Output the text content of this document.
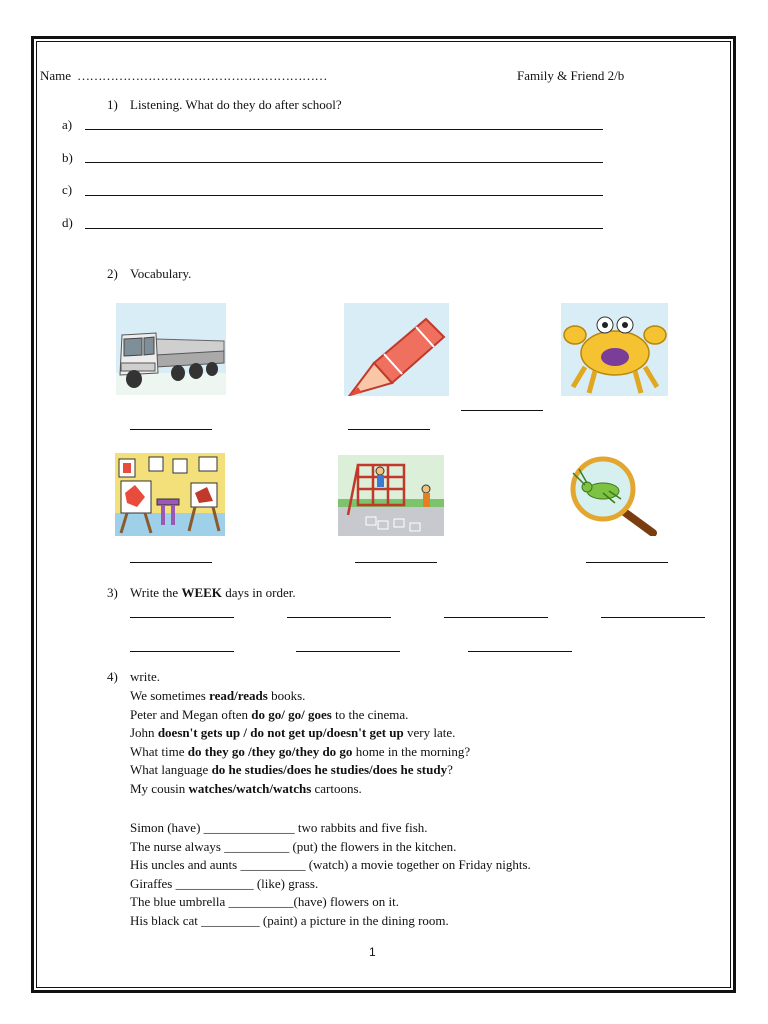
Name ……………………………………………………	Family & Friend 2/b
1) Listening. What do they do after school?
a)
b)
c)
d)
2) Vocabulary.
3) Write the WEEK days in order.
4) write.
We sometimes read/reads books.
Peter and Megan often do go/ go/ goes to the cinema.
John doesn't gets up / do not get up/doesn't get up very late.
What time do they go /they go/they do go home in the morning?
What language do he studies/does he studies/does he study?
My cousin watches/watch/watchs cartoons.
Simon (have) ______________ two rabbits and five fish.
The nurse always __________ (put) the flowers in the kitchen.
His uncles and aunts __________ (watch) a movie together on Friday nights.
Giraffes ____________ (like) grass.
The blue umbrella __________(have) flowers on it.
His black cat _________ (paint) a picture in the dining room.
1
